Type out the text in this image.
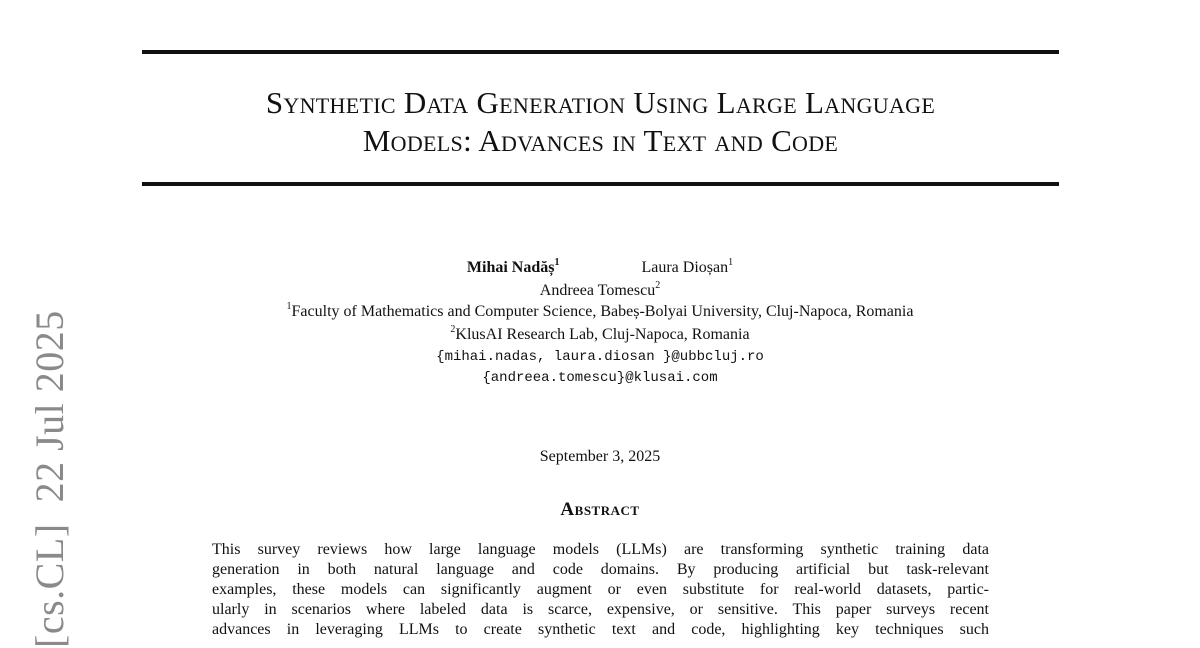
Synthetic Data Generation Using Large Language
Models: Advances in Text and Code
Mihai Nadăș$^1$	Laura Dioșan$^1$
Andreea Tomescu$^2$
$^1$Faculty of Mathematics and Computer Science, Babeș-Bolyai University, Cluj-Napoca, Romania
$^2$KlusAI Research Lab, Cluj-Napoca, Romania
{mihai.nadas, laura.diosan }@ubbcluj.ro
{andreea.tomescu}@klusai.com
September 3, 2025
Abstract
This survey reviews how large language models (LLMs) are transforming synthetic training data
generation in both natural language and code domains. By producing artificial but task-relevant
examples, these models can significantly augment or even substitute for real-world datasets, partic-
ularly in scenarios where labeled data is scarce, expensive, or sensitive. This paper surveys recent
advances in leveraging LLMs to create synthetic text and code, highlighting key techniques such
[cs.CL]  22 Jul 2025
